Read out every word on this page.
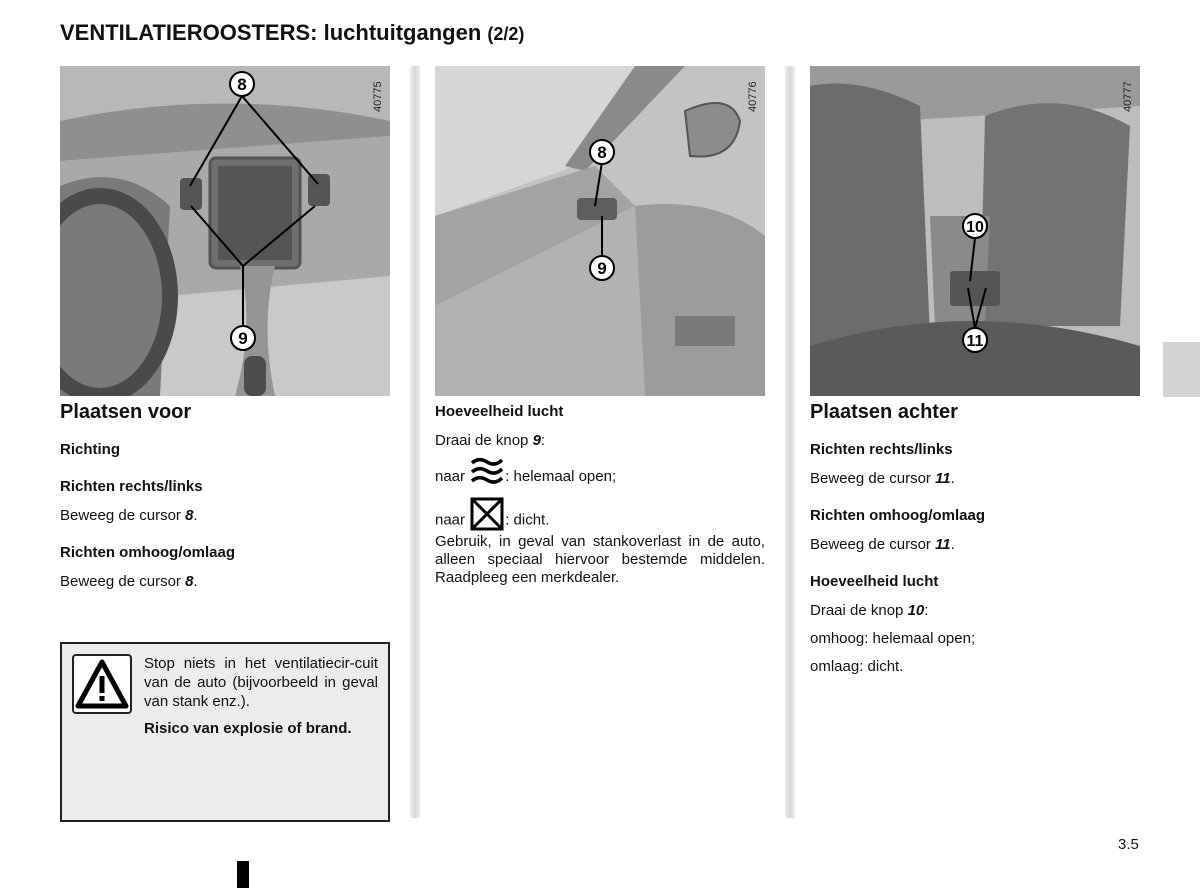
VENTILATIEROOSTERS: luchtuitgangen (2/2)
8
9
40775
8
9
40776
10
11
40777

Plaatsen voor

Richting

Richten rechts/links

Beweeg de cursor 8.

Richten omhoog/omlaag

Beweeg de cursor 8.

Stop niets in het ventilatiecir-cuit van de auto (bijvoorbeeld in geval van stank enz.).

Risico van explosie of brand.

Hoeveelheid lucht

Draai de knop 9:

naar	: helemaal open;

naar	: dicht.

Gebruik, in geval van stankoverlast in de auto, alleen speciaal hiervoor bestemde middelen. Raadpleeg een merkdealer.

Plaatsen achter

Richten rechts/links

Beweeg de cursor 11.

Richten omhoog/omlaag

Beweeg de cursor 11.

Hoeveelheid lucht

Draai de knop 10:

omhoog: helemaal open;

omlaag: dicht.

3.5
